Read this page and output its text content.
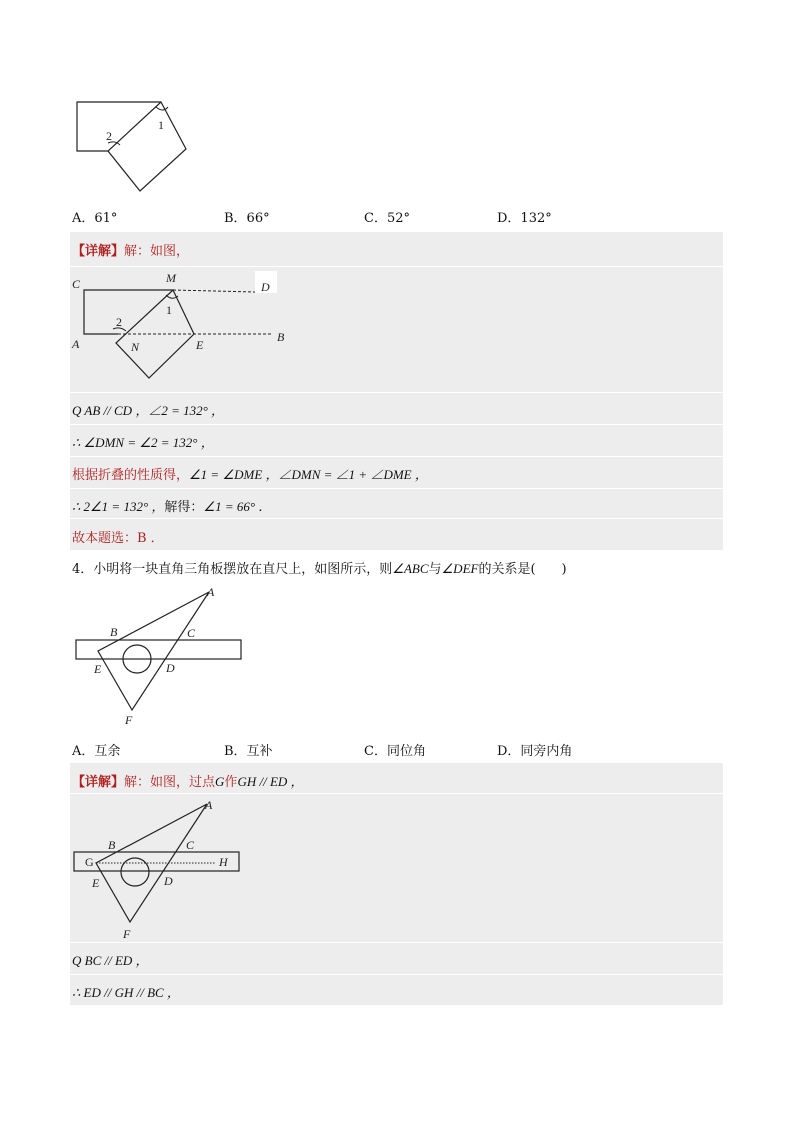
1
2
A．61°	B．66°	C．52°	D．132°
【详解】解：如图，
C	M
D
A	N	E
B
1
2
Q AB // CD ，∠2 = 132° ，
∴ ∠DMN = ∠2 = 132° ，
根据折叠的性质得，∠1 = ∠DME ，∠DMN = ∠1 + ∠DME ，
∴ 2∠1 = 132° ，解得：∠1 = 66° ．
故本题选：B ．
4．小明将一块直角三角板摆放在直尺上，如图所示，则∠ABC与∠DEF的关系是(　　)
A
B	C
E	D
F
A．互余	B．互补	C．同位角	D．同旁内角
【详解】解：如图，过点G作GH // ED ，
A
B
G
C
H
E	D
F
Q BC // ED ，
∴ ED // GH // BC ，
